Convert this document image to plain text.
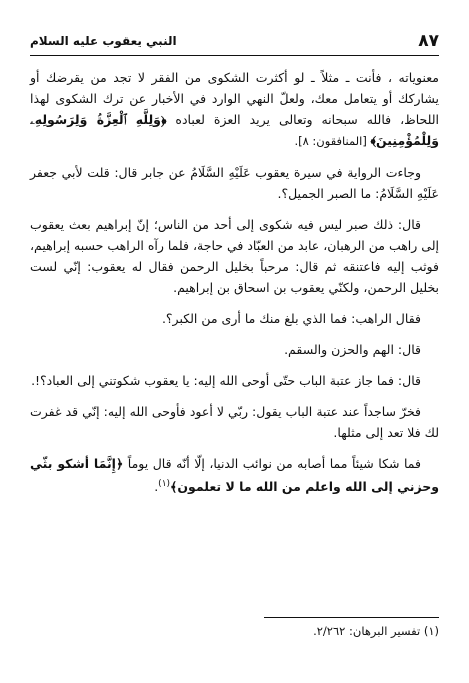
٨٧
النبي يعقوب عليه السلام

معنوياته ، فأنت ـ مثلاً ـ لو أكثرت الشكوى من الفقر لا تجد من يقرضك أو يشاركك أو يتعامل معك، ولعلّ النهي الوارد في الأخبار عن ترك الشكوى لهذا اللحاظ، فالله سبحانه وتعالى يريد العزة لعباده ﴿وَلِلَّهِ ٱلْعِزَّةُ وَلِرَسُولِهِۦ وَلِلْمُؤْمِنِينَ﴾ [المنافقون: ٨].

وجاءت الرواية في سيرة يعقوب عَلَيْهِ السَّلَامُ عن جابر قال: قلت لأبي جعفر عَلَيْهِ السَّلَامُ: ما الصبر الجميل؟.

قال: ذلك صبر ليس فيه شكوى إلى أحد من الناس؛ إنّ إبراهيم بعث يعقوب إلى راهب من الرهبان، عابد من العبّاد في حاجة، فلما رآه الراهب حسبه إبراهيم، فوثب إليه فاعتنقه ثم قال: مرحباً بخليل الرحمن فقال له يعقوب: إنّي لست بخليل الرحمن، ولكنّي يعقوب بن اسحاق بن إبراهيم.

فقال الراهب: فما الذي بلغ منك ما أرى من الكبر؟.

قال: الهم والحزن والسقم.

قال: فما جاز عتبة الباب حتّى أوحى الله إليه: يا يعقوب شكوتني إلى العباد؟!.

فخرّ ساجداً عند عتبة الباب يقول: ربّي لا أعود فأوحى الله إليه: إنّي قد غفرت لك فلا تعد إلى مثلها.

فما شكا شيئاً مما أصابه من نوائب الدنيا، إلّا أنّه قال يوماً ﴿إِنَّمَا أشكو بثّي وحزني إلى الله واعلم من الله ما لا تعلمون﴾$^{(١)}$.

(١) تفسير البرهان: ٢/٢٦٢.
